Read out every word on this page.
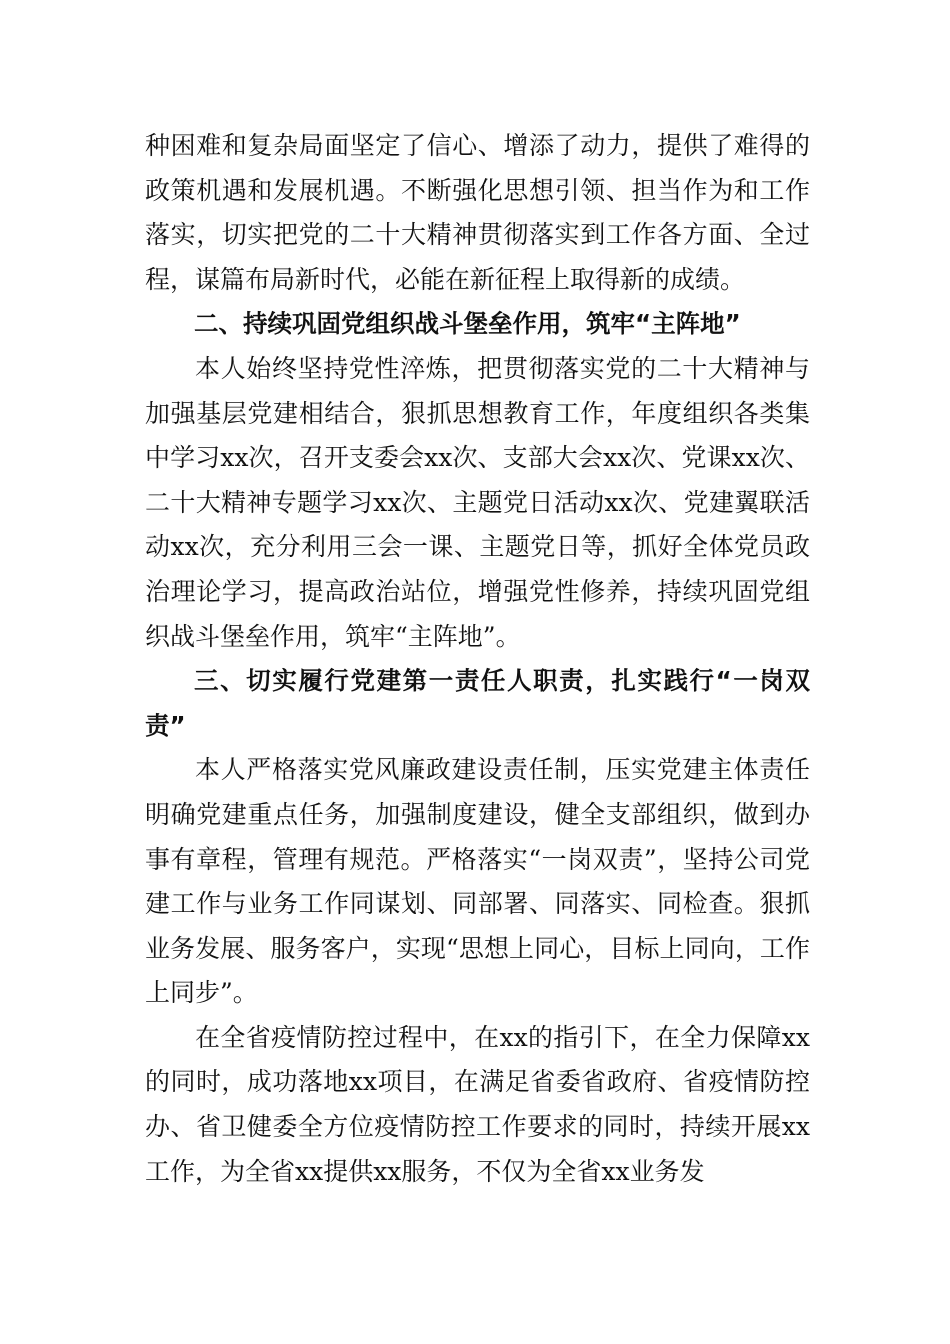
种困难和复杂局面坚定了信心、增添了动力，提供了难得的政策机遇和发展机遇。不断强化思想引领、担当作为和工作落实，切实把党的二十大精神贯彻落实到工作各方面、全过程，谋篇布局新时代，必能在新征程上取得新的成绩。

二、持续巩固党组织战斗堡垒作用，筑牢“主阵地”

本人始终坚持党性淬炼，把贯彻落实党的二十大精神与加强基层党建相结合，狠抓思想教育工作，年度组织各类集中学习xx次，召开支委会xx次、支部大会xx次、党课xx次、二十大精神专题学习xx次、主题党日活动xx次、党建翼联活动xx次，充分利用三会一课、主题党日等，抓好全体党员政治理论学习，提高政治站位，增强党性修养，持续巩固党组织战斗堡垒作用，筑牢“主阵地”。

三、切实履行党建第一责任人职责，扎实践行“一岗双责”

本人严格落实党风廉政建设责任制，压实党建主体责任明确党建重点任务，加强制度建设，健全支部组织，做到办事有章程，管理有规范。严格落实“一岗双责”，坚持公司党建工作与业务工作同谋划、同部署、同落实、同检查。狠抓业务发展、服务客户，实现“思想上同心，目标上同向，工作上同步”。

在全省疫情防控过程中，在xx的指引下，在全力保障xx的同时，成功落地xx项目，在满足省委省政府、省疫情防控办、省卫健委全方位疫情防控工作要求的同时，持续开展xx工作，为全省xx提供xx服务，不仅为全省xx业务发
